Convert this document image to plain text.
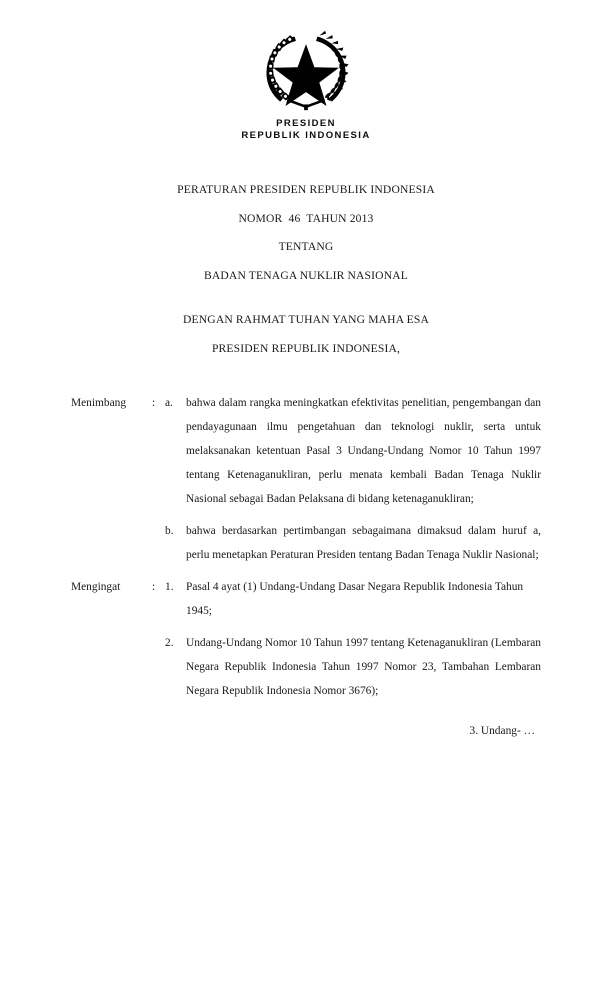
PRESIDEN
REPUBLIK INDONESIA
PERATURAN PRESIDEN REPUBLIK INDONESIA
NOMOR  46  TAHUN 2013
TENTANG
BADAN TENAGA NUKLIR NASIONAL
DENGAN RAHMAT TUHAN YANG MAHA ESA
PRESIDEN REPUBLIK INDONESIA,
Menimbang	: a.	bahwa dalam rangka meningkatkan efektivitas penelitian, pengembangan dan pendayagunaan ilmu pengetahuan dan teknologi nuklir, serta untuk melaksanakan ketentuan Pasal 3 Undang-Undang Nomor 10 Tahun 1997 tentang Ketenaganukliran, perlu menata kembali Badan Tenaga Nuklir Nasional sebagai Badan Pelaksana di bidang ketenaganukliran;
b.	bahwa berdasarkan pertimbangan sebagaimana dimaksud dalam huruf a, perlu menetapkan Peraturan Presiden tentang Badan Tenaga Nuklir Nasional;
Mengingat	: 1.	Pasal 4 ayat (1) Undang-Undang Dasar Negara Republik Indonesia Tahun 1945;
2.	Undang-Undang Nomor 10 Tahun 1997 tentang Ketenaganukliran (Lembaran Negara Republik Indonesia Tahun 1997 Nomor 23, Tambahan Lembaran Negara Republik Indonesia Nomor 3676);
3. Undang- …
